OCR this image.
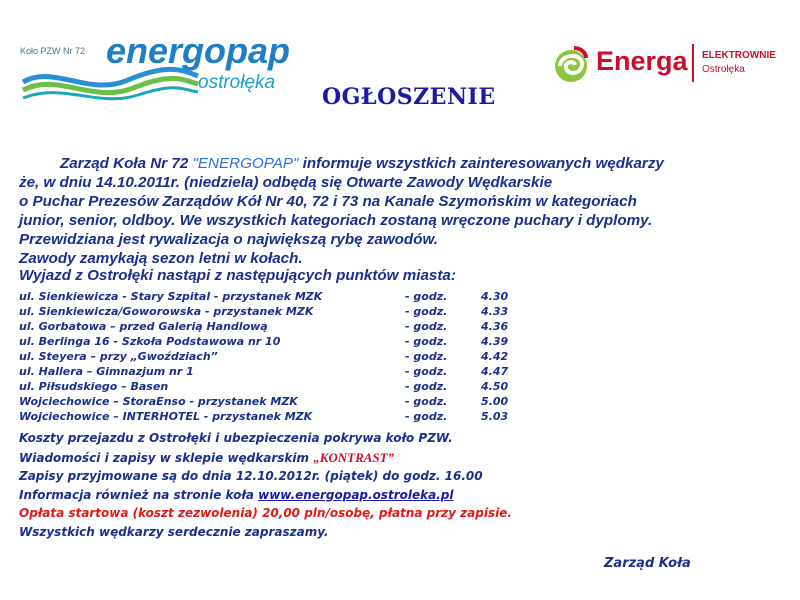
Koło PZW Nr 72 energopap
ostrołęka
Energa ELEKTROWNIE
Ostrołęka
OGŁOSZENIE
Zarząd Koła Nr 72 "ENERGOPAP" informuje wszystkich zainteresowanych wędkarzy
że, w dniu 14.10.2011r. (niedziela) odbędą się Otwarte Zawody Wędkarskie
o Puchar Prezesów Zarządów Kół Nr 40, 72 i 73 na Kanale Szymońskim w kategoriach
junior, senior, oldboy. We wszystkich kategoriach zostaną wręczone puchary i dyplomy.
Przewidziana jest rywalizacja o największą rybę zawodów.
Zawody zamykają sezon letni w kołach.
Wyjazd z Ostrołęki nastąpi z następujących punktów miasta:
ul. Sienkiewicza - Stary Szpital - przystanek MZK	- godz.	4.30
ul. Sienkiewicza/Goworowska - przystanek MZK	- godz.	4.33
ul. Gorbatowa – przed Galerią Handlową	- godz.	4.36
ul. Berlinga 16 - Szkoła Podstawowa nr 10	- godz.	4.39
ul. Steyera – przy „Gwoździach”	- godz.	4.42
ul. Hallera – Gimnazjum nr 1	- godz.	4.47
ul. Piłsudskiego – Basen	- godz.	4.50
Wojciechowice – StoraEnso - przystanek MZK	- godz.	5.00
Wojciechowice – INTERHOTEL - przystanek MZK	- godz.	5.03
Koszty przejazdu z Ostrołęki i ubezpieczenia pokrywa koło PZW.
Wiadomości i zapisy w sklepie wędkarskim „KONTRAST”
Zapisy przyjmowane są do dnia 12.10.2012r. (piątek) do godz. 16.00
Informacja również na stronie koła www.energopap.ostroleka.pl
Opłata startowa (koszt zezwolenia) 20,00 pln/osobę, płatna przy zapisie.
Wszystkich wędkarzy serdecznie zapraszamy.
Zarząd Koła
